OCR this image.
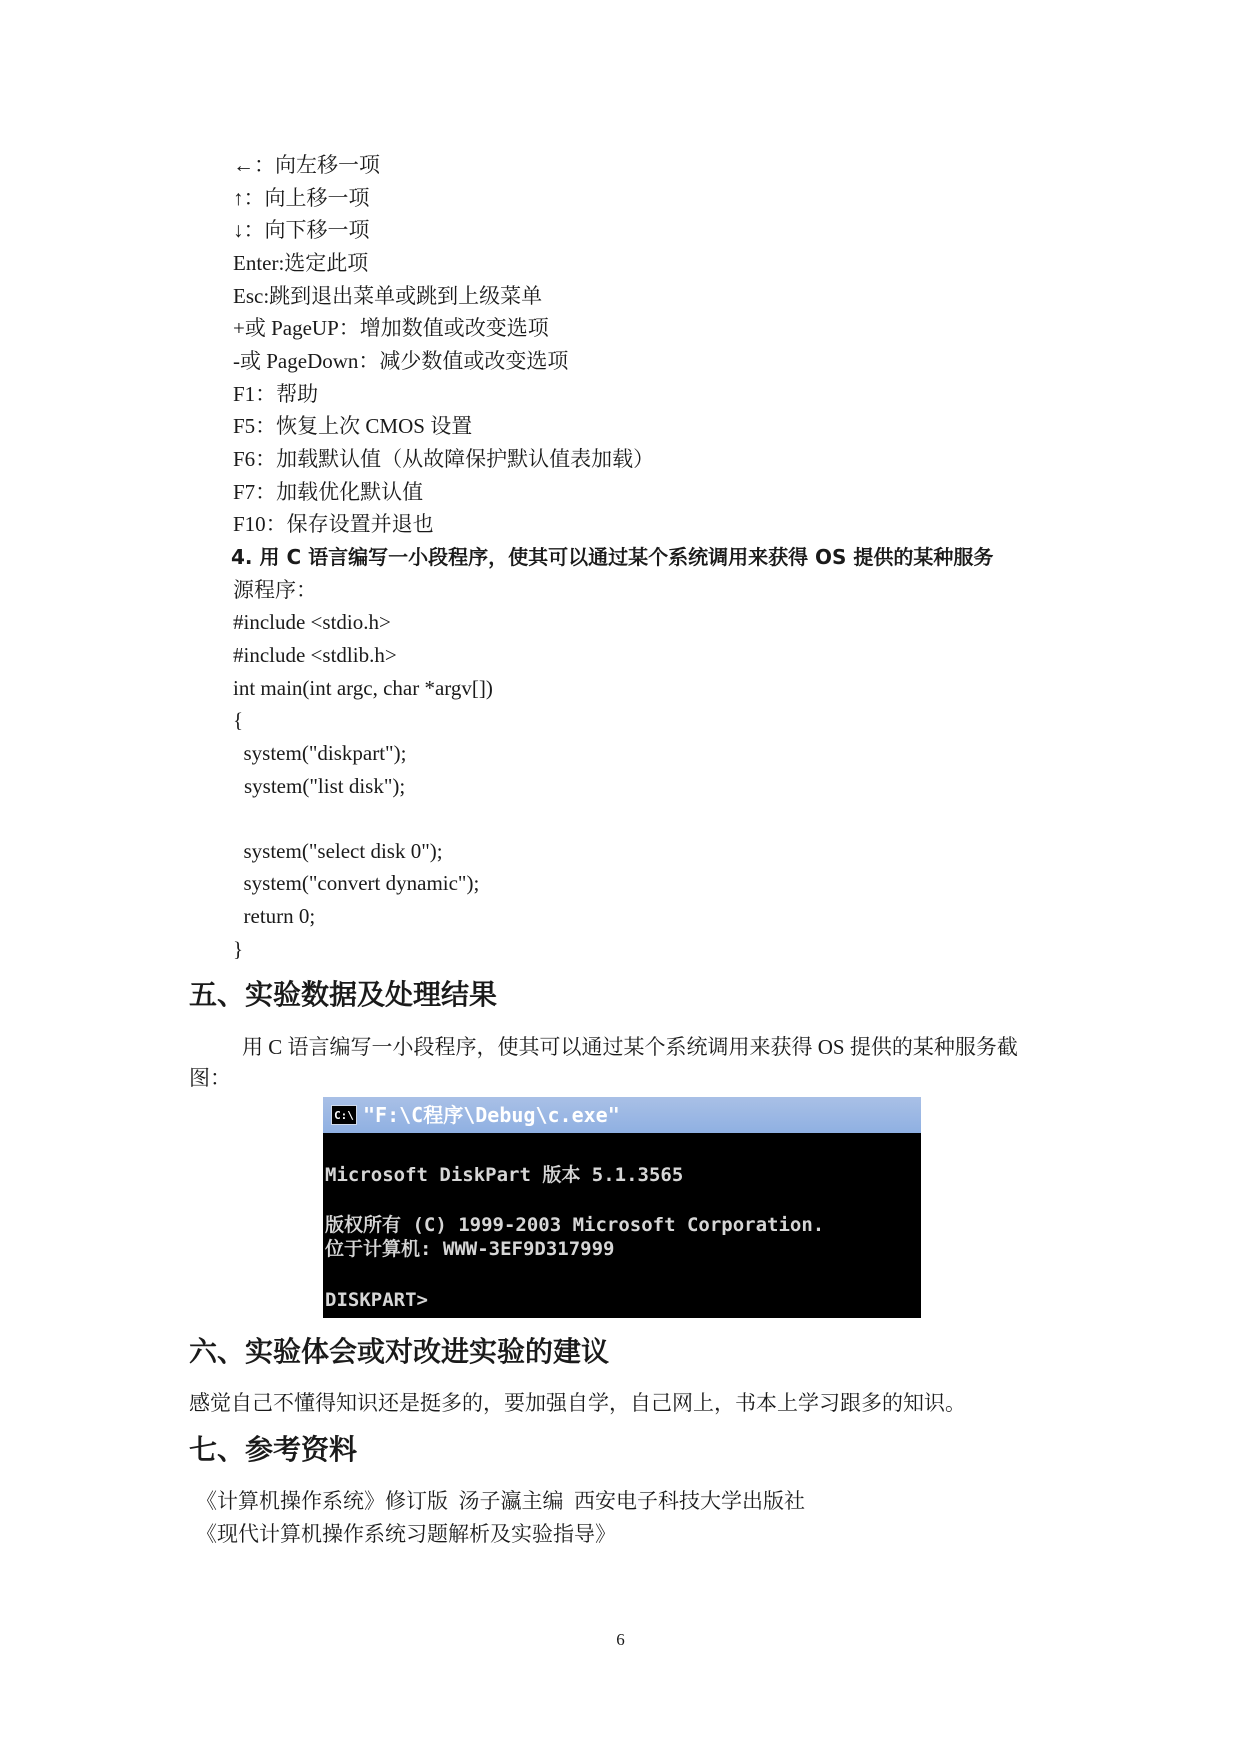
←：向左移一项
↑：向上移一项
↓：向下移一项
Enter:选定此项
Esc:跳到退出菜单或跳到上级菜单
+或 PageUP：增加数值或改变选项
-或 PageDown：减少数值或改变选项
F1：帮助
F5：恢复上次 CMOS 设置
F6：加载默认值（从故障保护默认值表加载）
F7：加载优化默认值
F10：保存设置并退也
4. 用 C 语言编写一小段程序，使其可以通过某个系统调用来获得 OS 提供的某种服务
源程序：
#include <stdio.h>
#include <stdlib.h>
int main(int argc, char *argv[])
{
system("diskpart");
system("list disk");
system("select disk 0");
system("convert dynamic");
return 0;
}
五、实验数据及处理结果
用 C 语言编写一小段程序，使其可以通过某个系统调用来获得 OS 提供的某种服务截
图：
C:\ "F:\C程序\Debug\c.exe"
Microsoft DiskPart 版本 5.1.3565
版权所有 (C) 1999-2003 Microsoft Corporation.
位于计算机: WWW-3EF9D317999
DISKPART>
六、实验体会或对改进实验的建议
感觉自己不懂得知识还是挺多的，要加强自学，自己网上，书本上学习跟多的知识。
七、参考资料
《计算机操作系统》修订版  汤子瀛主编  西安电子科技大学出版社
《现代计算机操作系统习题解析及实验指导》
6
